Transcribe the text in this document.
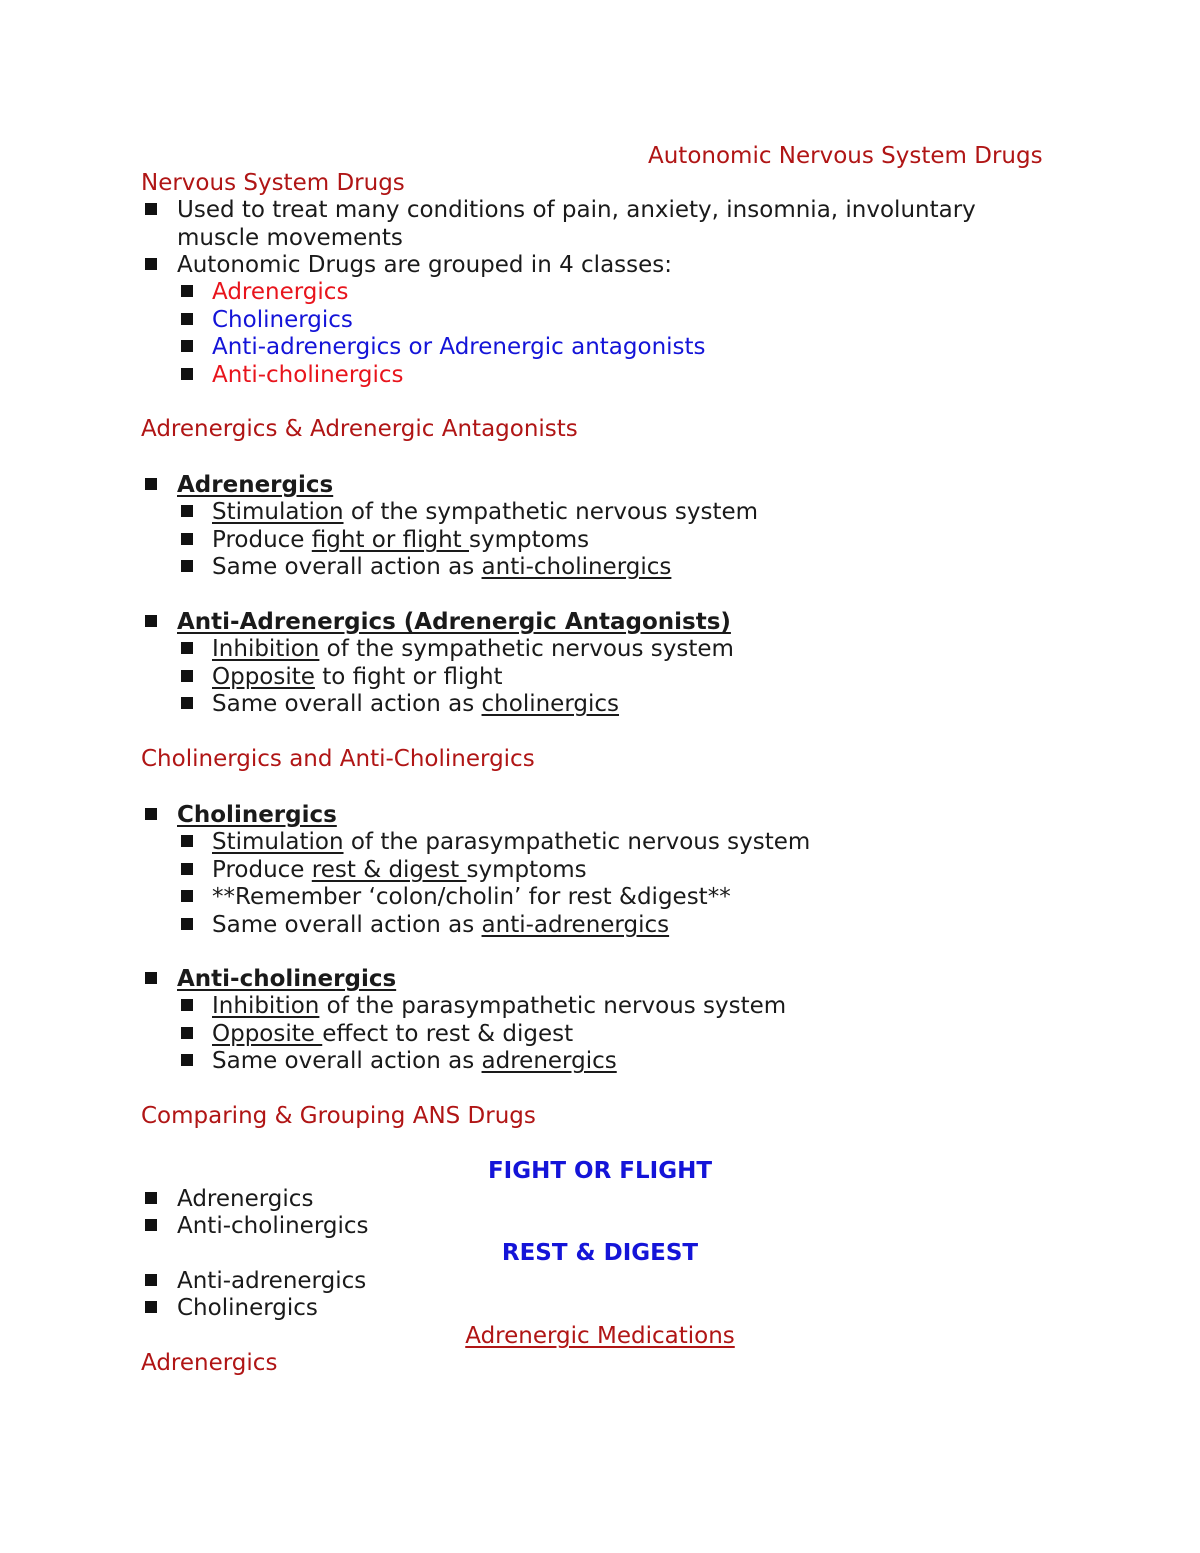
Autonomic Nervous System Drugs
Nervous System Drugs
Used to treat many conditions of pain, anxiety, insomnia, involuntary
muscle movements
Autonomic Drugs are grouped in 4 classes:
Adrenergics
Cholinergics
Anti-adrenergics or Adrenergic antagonists
Anti-cholinergics
Adrenergics & Adrenergic Antagonists
Adrenergics
Stimulation of the sympathetic nervous system
Produce fight or flight symptoms
Same overall action as anti-cholinergics
Anti-Adrenergics (Adrenergic Antagonists)
Inhibition of the sympathetic nervous system
Opposite to fight or flight
Same overall action as cholinergics
Cholinergics and Anti-Cholinergics
Cholinergics
Stimulation of the parasympathetic nervous system
Produce rest & digest symptoms
**Remember ‘colon/cholin’ for rest &digest**
Same overall action as anti-adrenergics
Anti-cholinergics
Inhibition of the parasympathetic nervous system
Opposite effect to rest & digest
Same overall action as adrenergics
Comparing & Grouping ANS Drugs
FIGHT OR FLIGHT
Adrenergics
Anti-cholinergics
REST & DIGEST
Anti-adrenergics
Cholinergics
Adrenergic Medications
Adrenergics
